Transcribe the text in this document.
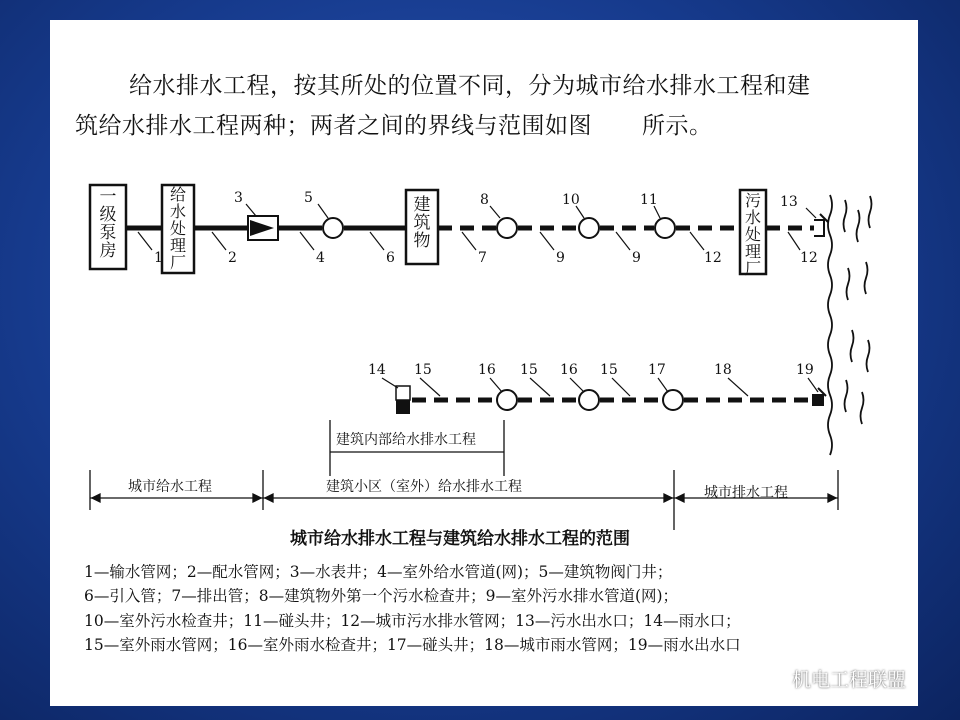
给水排水工程，按其所处的位置不同，分为城市给水排水工程和建
筑给水排水工程两种；两者之间的界线与范围如图 所示。
一级泵房
给水处理厂
建筑物
污水处理厂
1	2
3
4
5
6	7
8
9	9
10	11
12	12
13
14 15	16 15 16 15 17	18	19
建筑内部给水排水工程
城市给水工程	建筑小区（室外）给水排水工程	城市排水工程
城市给水排水工程与建筑给水排水工程的范围
1—输水管网；2—配水管网；3—水表井；4—室外给水管道(网)；5—建筑物阀门井；
6—引入管；7—排出管；8—建筑物外第一个污水检查井；9—室外污水排水管道(网)；
10—室外污水检查井；11—碰头井；12—城市污水排水管网；13—污水出水口；14—雨水口；
15—室外雨水管网；16—室外雨水检查井；17—碰头井；18—城市雨水管网；19—雨水出水口
机电工程联盟
